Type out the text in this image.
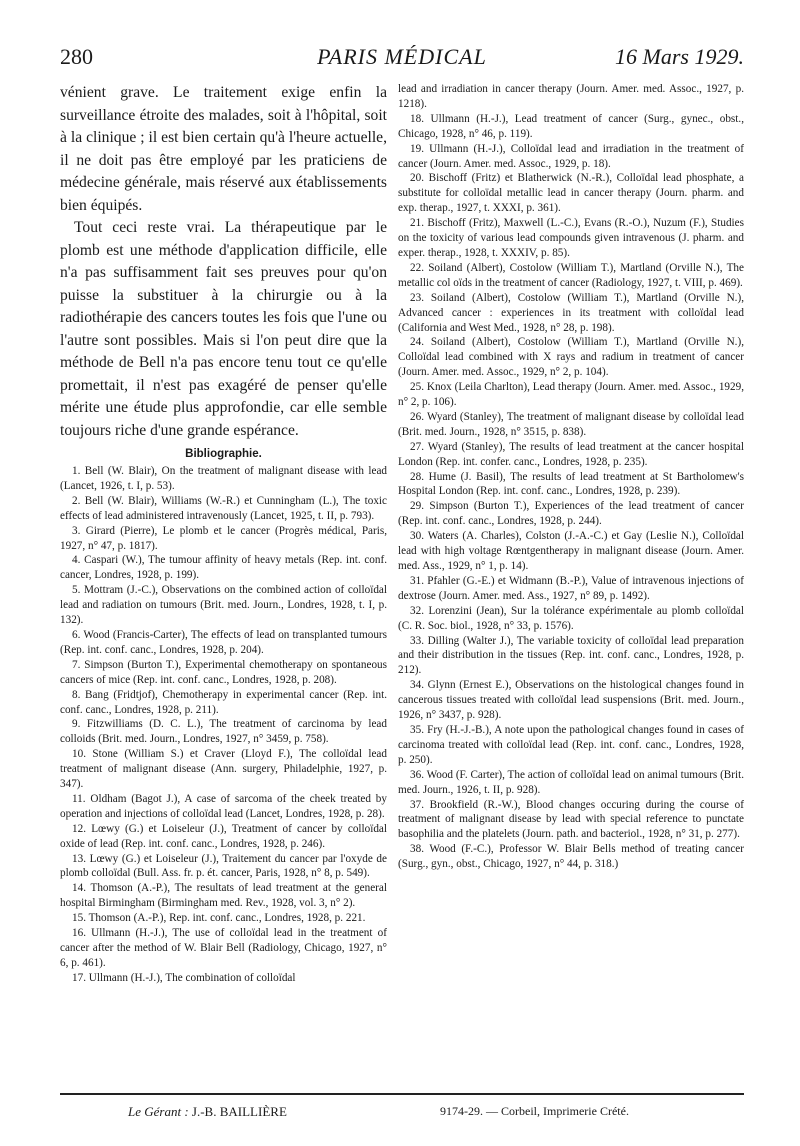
280	PARIS MÉDICAL	16 Mars 1929.

vénient grave. Le traitement exige enfin la surveillance étroite des malades, soit à l'hôpital, soit à la clinique ; il est bien certain qu'à l'heure actuelle, il ne doit pas être employé par les praticiens de médecine générale, mais réservé aux établissements bien équipés.

Tout ceci reste vrai. La thérapeutique par le plomb est une méthode d'application difficile, elle n'a pas suffisamment fait ses preuves pour qu'on puisse la substituer à la chirurgie ou à la radiothérapie des cancers toutes les fois que l'une ou l'autre sont possibles. Mais si l'on peut dire que la méthode de Bell n'a pas encore tenu tout ce qu'elle promettait, il n'est pas exagéré de penser qu'elle mérite une étude plus approfondie, car elle semble toujours riche d'une grande espérance.

Bibliographie.

1. Bell (W. Blair), On the treatment of malignant disease with lead (Lancet, 1926, t. I, p. 53).

2. Bell (W. Blair), Williams (W.-R.) et Cunningham (L.), The toxic effects of lead administered intravenously (Lancet, 1925, t. II, p. 793).

3. Girard (Pierre), Le plomb et le cancer (Progrès médical, Paris, 1927, n° 47, p. 1817).

4. Caspari (W.), The tumour affinity of heavy metals (Rep. int. conf. cancer, Londres, 1928, p. 199).

5. Mottram (J.-C.), Observations on the combined action of colloïdal lead and radiation on tumours (Brit. med. Journ., Londres, 1928, t. I, p. 132).

6. Wood (Francis-Carter), The effects of lead on transplanted tumours (Rep. int. conf. canc., Londres, 1928, p. 204).

7. Simpson (Burton T.), Experimental chemotherapy on spontaneous cancers of mice (Rep. int. conf. canc., Londres, 1928, p. 208).

8. Bang (Fridtjof), Chemotherapy in experimental cancer (Rep. int. conf. canc., Londres, 1928, p. 211).

9. Fitzwilliams (D. C. L.), The treatment of carcinoma by lead colloids (Brit. med. Journ., Londres, 1927, n° 3459, p. 758).

10. Stone (William S.) et Craver (Lloyd F.), The colloïdal lead treatment of malignant disease (Ann. surgery, Philadelphie, 1927, p. 347).

11. Oldham (Bagot J.), A case of sarcoma of the cheek treated by operation and injections of colloïdal lead (Lancet, Londres, 1928, p. 28).

12. Lœwy (G.) et Loiseleur (J.), Treatment of cancer by colloïdal oxide of lead (Rep. int. conf. canc., Londres, 1928, p. 246).

13. Lœwy (G.) et Loiseleur (J.), Traitement du cancer par l'oxyde de plomb colloïdal (Bull. Ass. fr. p. ét. cancer, Paris, 1928, n° 8, p. 549).

14. Thomson (A.-P.), The resultats of lead treatment at the general hospital Birmingham (Birmingham med. Rev., 1928, vol. 3, n° 2).

15. Thomson (A.-P.), Rep. int. conf. canc., Londres, 1928, p. 221.

16. Ullmann (H.-J.), The use of colloïdal lead in the treatment of cancer after the method of W. Blair Bell (Radiology, Chicago, 1927, n° 6, p. 461).

17. Ullmann (H.-J.), The combination of colloïdal

lead and irradiation in cancer therapy (Journ. Amer. med. Assoc., 1927, p. 1218).

18. Ullmann (H.-J.), Lead treatment of cancer (Surg., gynec., obst., Chicago, 1928, n° 46, p. 119).

19. Ullmann (H.-J.), Colloïdal lead and irradiation in the treatment of cancer (Journ. Amer. med. Assoc., 1929, p. 18).

20. Bischoff (Fritz) et Blatherwick (N.-R.), Colloïdal lead phosphate, a substitute for colloïdal metallic lead in cancer therapy (Journ. pharm. and exp. therap., 1927, t. XXXI, p. 361).

21. Bischoff (Fritz), Maxwell (L.-C.), Evans (R.-O.), Nuzum (F.), Studies on the toxicity of various lead compounds given intravenous (J. pharm. and exper. therap., 1928, t. XXXIV, p. 85).

22. Soiland (Albert), Costolow (William T.), Martland (Orville N.), The metallic col oïds in the treatment of cancer (Radiology, 1927, t. VIII, p. 469).

23. Soiland (Albert), Costolow (William T.), Martland (Orville N.), Advanced cancer : experiences in its treatment with colloïdal lead (California and West Med., 1928, n° 28, p. 198).

24. Soiland (Albert), Costolow (William T.), Martland (Orville N.), Colloïdal lead combined with X rays and radium in treatment of cancer (Journ. Amer. med. Assoc., 1929, n° 2, p. 104).

25. Knox (Leila Charlton), Lead therapy (Journ. Amer. med. Assoc., 1929, n° 2, p. 106).

26. Wyard (Stanley), The treatment of malignant disease by colloïdal lead (Brit. med. Journ., 1928, n° 3515, p. 838).

27. Wyard (Stanley), The results of lead treatment at the cancer hospital London (Rep. int. confer. canc., Londres, 1928, p. 235).

28. Hume (J. Basil), The results of lead treatment at St Bartholomew's Hospital London (Rep. int. conf. canc., Londres, 1928, p. 239).

29. Simpson (Burton T.), Experiences of the lead treatment of cancer (Rep. int. conf. canc., Londres, 1928, p. 244).

30. Waters (A. Charles), Colston (J.-A.-C.) et Gay (Leslie N.), Colloïdal lead with high voltage Rœntgentherapy in malignant disease (Journ. Amer. med. Ass., 1929, n° 1, p. 14).

31. Pfahler (G.-E.) et Widmann (B.-P.), Value of intravenous injections of dextrose (Journ. Amer. med. Ass., 1927, n° 89, p. 1492).

32. Lorenzini (Jean), Sur la tolérance expérimentale au plomb colloïdal (C. R. Soc. biol., 1928, n° 33, p. 1576).

33. Dilling (Walter J.), The variable toxicity of colloïdal lead preparation and their distribution in the tissues (Rep. int. conf. canc., Londres, 1928, p. 212).

34. Glynn (Ernest E.), Observations on the histological changes found in cancerous tissues treated with colloïdal lead suspensions (Brit. med. Journ., 1926, n° 3437, p. 928).

35. Fry (H.-J.-B.), A note upon the pathological changes found in cases of carcinoma treated with colloïdal lead (Rep. int. conf. canc., Londres, 1928, p. 250).

36. Wood (F. Carter), The action of colloïdal lead on animal tumours (Brit. med. Journ., 1926, t. II, p. 928).

37. Brookfield (R.-W.), Blood changes occuring during the course of treatment of malignant disease by lead with special reference to punctate basophilia and the platelets (Journ. path. and bacteriol., 1928, n° 31, p. 277).

38. Wood (F.-C.), Professor W. Blair Bells method of treating cancer (Surg., gyn., obst., Chicago, 1927, n° 44, p. 318.)

Le Gérant : J.-B. BAILLIÈRE	9174-29. — Corbeil, Imprimerie Crété.
